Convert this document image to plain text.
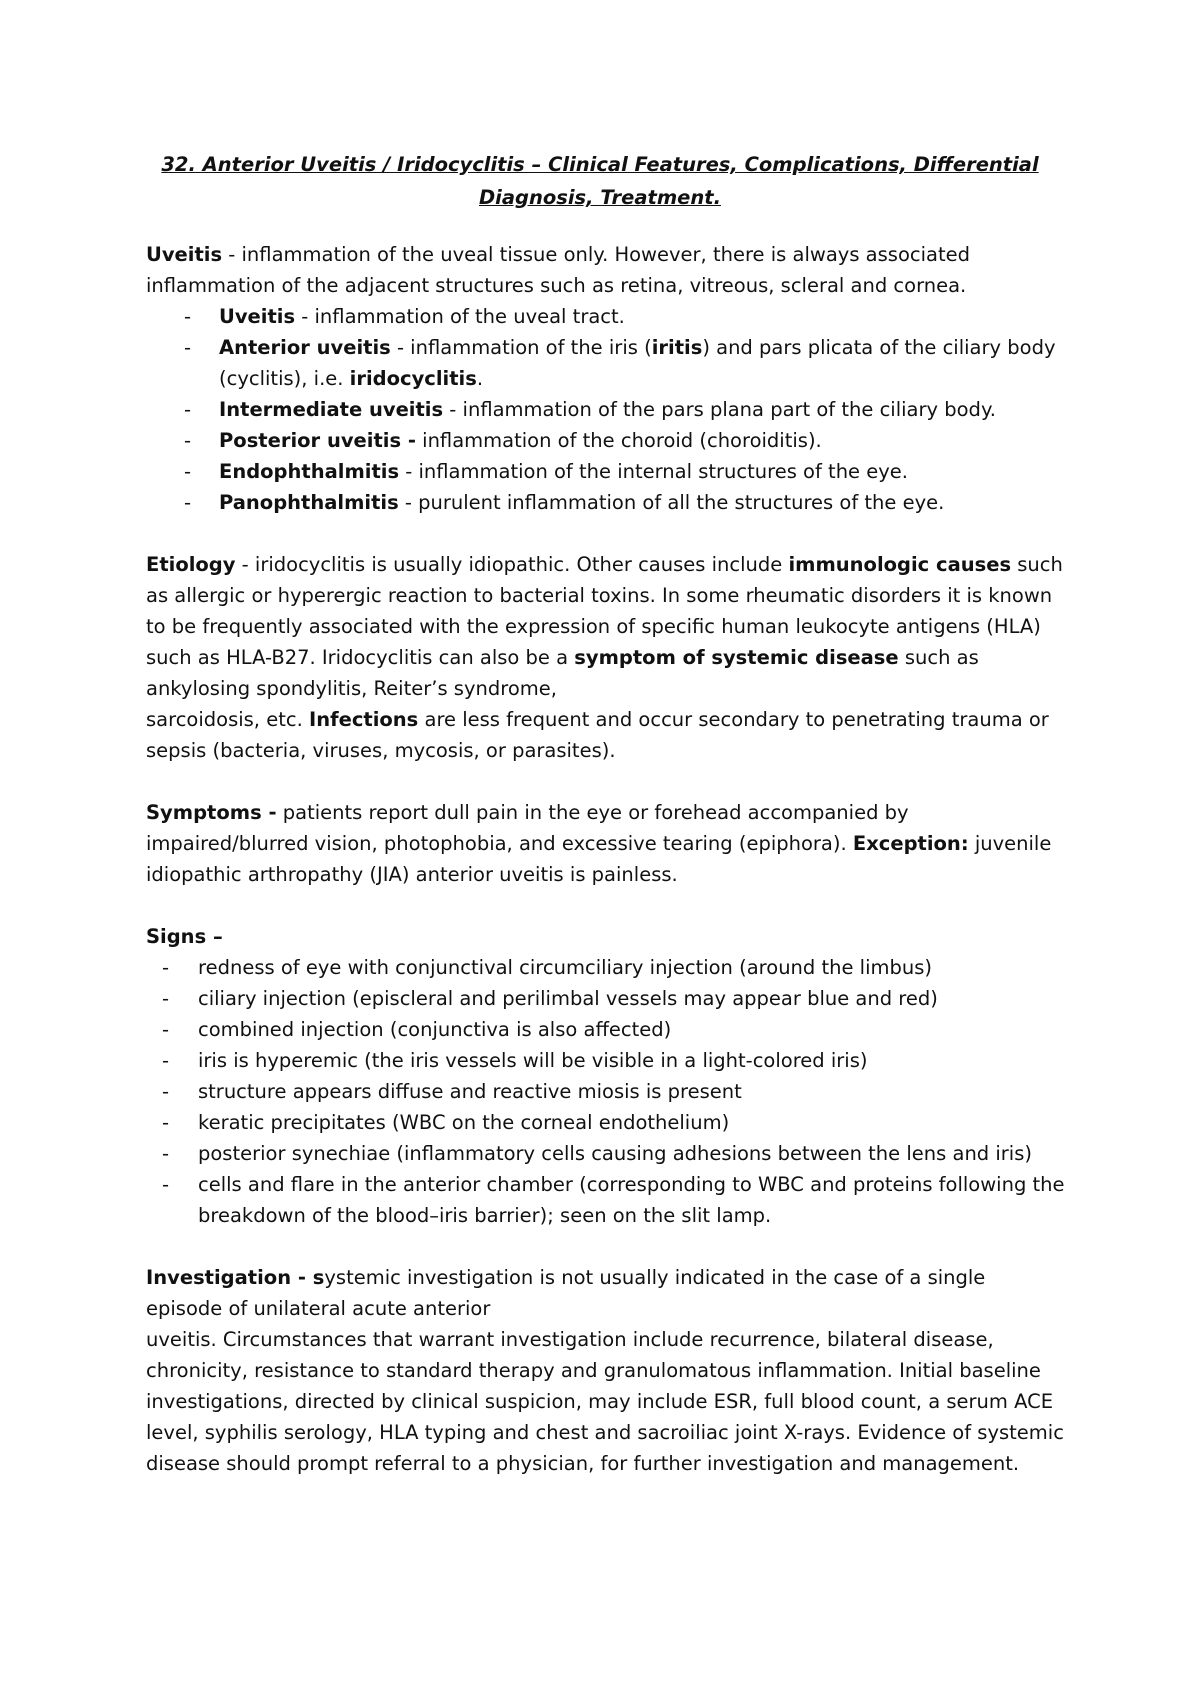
32. Anterior Uveitis / Iridocyclitis – Clinical Features, Complications, Differential
Diagnosis, Treatment.

Uveitis - inflammation of the uveal tissue only. However, there is always associated inflammation of the adjacent structures such as retina, vitreous, scleral and cornea.

- Uveitis - inflammation of the uveal tract.
- Anterior uveitis - inflammation of the iris (iritis) and pars plicata of the ciliary body (cyclitis), i.e. iridocyclitis.
- Intermediate uveitis - inflammation of the pars plana part of the ciliary body.
- Posterior uveitis - inflammation of the choroid (choroiditis).
- Endophthalmitis - inflammation of the internal structures of the eye.
- Panophthalmitis - purulent inflammation of all the structures of the eye.

Etiology - iridocyclitis is usually idiopathic. Other causes include immunologic causes such as allergic or hyperergic reaction to bacterial toxins. In some rheumatic disorders it is known to be frequently associated with the expression of specific human leukocyte antigens (HLA) such as HLA-B27. Iridocyclitis can also be a symptom of systemic disease such as ankylosing spondylitis, Reiter’s syndrome,

sarcoidosis, etc. Infections are less frequent and occur secondary to penetrating trauma or sepsis (bacteria, viruses, mycosis, or parasites).

Symptoms - patients report dull pain in the eye or forehead accompanied by impaired/blurred vision, photophobia, and excessive tearing (epiphora). Exception: juvenile idiopathic arthropathy (JIA) anterior uveitis is painless.

Signs –

- redness of eye with conjunctival circumciliary injection (around the limbus)
- ciliary injection (episcleral and perilimbal vessels may appear blue and red)
- combined injection (conjunctiva is also affected)
- iris is hyperemic (the iris vessels will be visible in a light-colored iris)
- structure appears diffuse and reactive miosis is present
- keratic precipitates (WBC on the corneal endothelium)
- posterior synechiae (inflammatory cells causing adhesions between the lens and iris)
- cells and flare in the anterior chamber (corresponding to WBC and proteins following the breakdown of the blood–iris barrier); seen on the slit lamp.

Investigation - systemic investigation is not usually indicated in the case of a single episode of unilateral acute anterior

uveitis. Circumstances that warrant investigation include recurrence, bilateral disease, chronicity, resistance to standard therapy and granulomatous inflammation. Initial baseline investigations, directed by clinical suspicion, may include ESR, full blood count, a serum ACE level, syphilis serology, HLA typing and chest and sacroiliac joint X-rays. Evidence of systemic disease should prompt referral to a physician, for further investigation and management.
